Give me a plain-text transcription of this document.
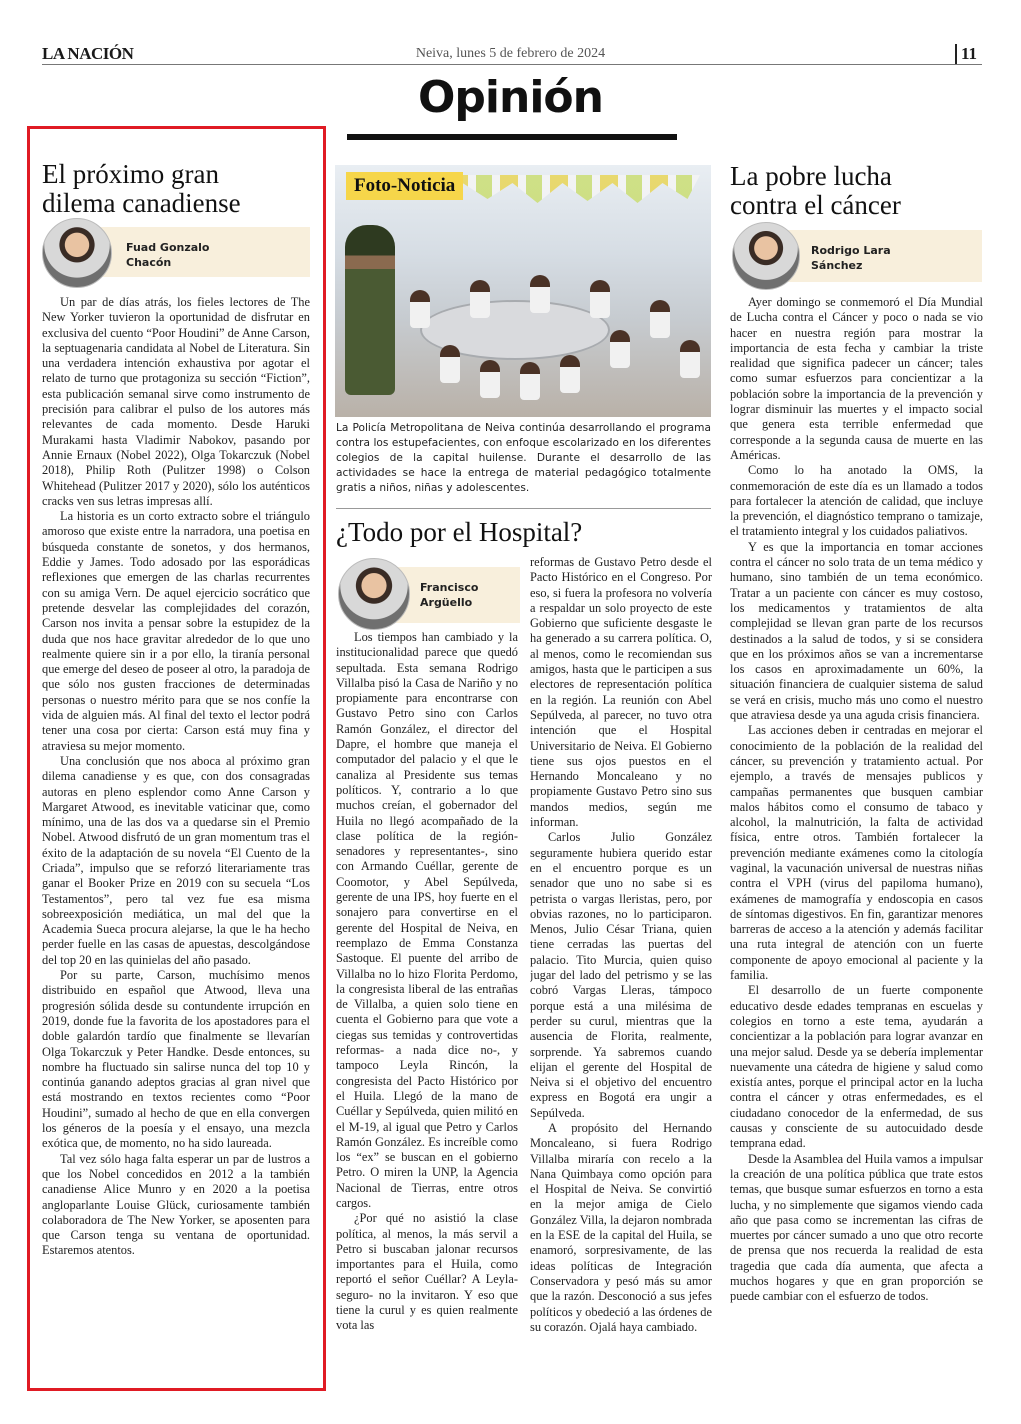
LA NACIÓN	Neiva, lunes 5 de febrero de 2024	11
Opinión
El próximo gran
dilema canadiense
Fuad Gonzalo
Chacón

Un par de días atrás, los fieles lectores de The New Yorker tuvieron la oportunidad de disfrutar en exclusiva del cuento “Poor Houdini” de Anne Carson, la septuagenaria candidata al Nobel de Literatura. Sin una verdadera intención exhaustiva por agotar el relato de turno que protagoniza su sección “Fiction”, esta publicación semanal sirve como instrumento de precisión para calibrar el pulso de los autores más relevantes de cada momento. Desde Haruki Murakami hasta Vladimir Nabokov, pasando por Annie Ernaux (Nobel 2022), Olga Tokarczuk (Nobel 2018), Philip Roth (Pulitzer 1998) o Colson Whitehead (Pulitzer 2017 y 2020), sólo los auténticos cracks ven sus letras impresas allí.

La historia es un corto extracto sobre el triángulo amoroso que existe entre la narradora, una poetisa en búsqueda constante de sonetos, y dos hermanos, Eddie y James. Todo adosado por las esporádicas reflexiones que emergen de las charlas recurrentes con su amiga Vern. De aquel ejercicio socrático que pretende desvelar las complejidades del corazón, Carson nos invita a pensar sobre la estupidez de la duda que nos hace gravitar alrededor de lo que uno realmente quiere sin ir a por ello, la tiranía personal que emerge del deseo de poseer al otro, la paradoja de que sólo nos gusten fracciones de determinadas personas o nuestro mérito para que se nos confíe la vida de alguien más. Al final del texto el lector podrá tener una cosa por cierta: Carson está muy fina y atraviesa su mejor momento.

Una conclusión que nos aboca al próximo gran dilema canadiense y es que, con dos consagradas autoras en pleno esplendor como Anne Carson y Margaret Atwood, es inevitable vaticinar que, como mínimo, una de las dos va a quedarse sin el Premio Nobel. Atwood disfrutó de un gran momentum tras el éxito de la adaptación de su novela “El Cuento de la Criada”, impulso que se reforzó literariamente tras ganar el Booker Prize en 2019 con su secuela “Los Testamentos”, pero tal vez fue esa misma sobreexposición mediática, un mal del que la Academia Sueca procura alejarse, la que le ha hecho perder fuelle en las casas de apuestas, descolgándose del top 20 en las quinielas del año pasado.

Por su parte, Carson, muchísimo menos distribuido en español que Atwood, lleva una progresión sólida desde su contundente irrupción en 2019, donde fue la favorita de los apostadores para el doble galardón tardío que finalmente se llevarían Olga Tokarczuk y Peter Handke. Desde entonces, su nombre ha fluctuado sin salirse nunca del top 10 y continúa ganando adeptos gracias al gran nivel que está mostrando en textos recientes como “Poor Houdini”, sumado al hecho de que en ella convergen los géneros de la poesía y el ensayo, una mezcla exótica que, de momento, no ha sido laureada.

Tal vez sólo haga falta esperar un par de lustros a que los Nobel concedidos en 2012 a la también canadiense Alice Munro y en 2020 a la poetisa angloparlante Louise Glück, curiosamente también colaboradora de The New Yorker, se aposenten para que Carson tenga su ventana de oportunidad. Estaremos atentos.

Foto-Noticia
La Policía Metropolitana de Neiva continúa desarrollando el programa contra los estupefacientes, con enfoque escolarizado en los diferentes colegios de la capital huilense. Durante el desarrollo de las actividades se hace la entrega de material pedagógico totalmente gratis a niños, niñas y adolescentes.
¿Todo por el Hospital?
Francisco
Argüello

Los tiempos han cambiado y la institucionalidad parece que quedó sepultada. Esta semana Rodrigo Villalba pisó la Casa de Nariño y no propiamente para encontrarse con Gustavo Petro sino con Carlos Ramón González, el director del Dapre, el hombre que maneja el computador del palacio y el que le canaliza al Presidente sus temas políticos. Y, contrario a lo que muchos creían, el gobernador del Huila no llegó acompañado de la clase política de la región- senadores y representantes-, sino con Armando Cuéllar, gerente de Coomotor, y Abel Sepúlveda, gerente de una IPS, hoy fuerte en el sonajero para convertirse en el gerente del Hospital de Neiva, en reemplazo de Emma Constanza Sastoque. El puente del arribo de Villalba no lo hizo Florita Perdomo, la congresista liberal de las entrañas de Villalba, a quien solo tiene en cuenta el Gobierno para que vote a ciegas sus temidas y controvertidas reformas- a nada dice no-, y tampoco Leyla Rincón, la congresista del Pacto Histórico por el Huila. Llegó de la mano de Cuéllar y Sepúlveda, quien militó en el M-19, al igual que Petro y Carlos Ramón González. Es increíble como los “ex” se buscan en el gobierno Petro. O miren la UNP, la Agencia Nacional de Tierras, entre otros cargos.

¿Por qué no asistió la clase política, al menos, la más servil a Petro si buscaban jalonar recursos importantes para el Huila, como reportó el señor Cuéllar? A Leyla- seguro- no la invitaron. Y eso que tiene la curul y es quien realmente vota las

reformas de Gustavo Petro desde el Pacto Histórico en el Congreso. Por eso, si fuera la profesora no volvería a respaldar un solo proyecto de este Gobierno que suficiente desgaste le ha generado a su carrera política. O, al menos, como le recomiendan sus amigos, hasta que le participen a sus electores de representación política en la región. La reunión con Abel Sepúlveda, al parecer, no tuvo otra intención que el Hospital Universitario de Neiva. El Gobierno tiene sus ojos puestos en el Hernando Moncaleano y no propiamente Gustavo Petro sino sus mandos medios, según me informan.

Carlos Julio González seguramente hubiera querido estar en el encuentro porque es un senador que uno no sabe si es petrista o vargas lleristas, pero, por obvias razones, no lo participaron. Menos, Julio César Triana, quien tiene cerradas las puertas del palacio. Tito Murcia, quien quiso jugar del lado del petrismo y se las cobró Vargas Lleras, támpoco porque está a una milésima de perder su curul, mientras que la ausencia de Florita, realmente, sorprende. Ya sabremos cuando elijan el gerente del Hospital de Neiva si el objetivo del encuentro express en Bogotá era ungir a Sepúlveda.

A propósito del Hernando Moncaleano, si fuera Rodrigo Villalba miraría con recelo a la Nana Quimbaya como opción para el Hospital de Neiva. Se convirtió en la mejor amiga de Cielo González Villa, la dejaron nombrada en la ESE de la capital del Huila, se enamoró, sorpresivamente, de las ideas políticas de Integración Conservadora y pesó más su amor que la razón. Desconoció a sus jefes políticos y obedeció a las órdenes de su corazón. Ojalá haya cambiado.

La pobre lucha
contra el cáncer
Rodrigo Lara
Sánchez

Ayer domingo se conmemoró el Día Mundial de Lucha contra el Cáncer y poco o nada se vio hacer en nuestra región para mostrar la importancia de esta fecha y cambiar la triste realidad que significa padecer un cáncer; tales como sumar esfuerzos para concientizar a la población sobre la importancia de la prevención y lograr disminuir las muertes y el impacto social que genera esta terrible enfermedad que corresponde a la segunda causa de muerte en las Américas.

Como lo ha anotado la OMS, la conmemoración de este día es un llamado a todos para fortalecer la atención de calidad, que incluye la prevención, el diagnóstico temprano o tamizaje, el tratamiento integral y los cuidados paliativos.

Y es que la importancia en tomar acciones contra el cáncer no solo trata de un tema médico y humano, sino también de un tema económico. Tratar a un paciente con cáncer es muy costoso, los medicamentos y tratamientos de alta complejidad se llevan gran parte de los recursos destinados a la salud de todos, y si se considera que en los próximos años se van a incrementarse los casos en aproximadamente un 60%, la situación financiera de cualquier sistema de salud se verá en crisis, mucho más uno como el nuestro que atraviesa desde ya una aguda crisis financiera.

Las acciones deben ir centradas en mejorar el conocimiento de la población de la realidad del cáncer, su prevención y tratamiento actual. Por ejemplo, a través de mensajes publicos y campañas permanentes que busquen cambiar malos hábitos como el consumo de tabaco y alcohol, la malnutrición, la falta de actividad física, entre otros. También fortalecer la prevención mediante exámenes como la citología vaginal, la vacunación universal de nuestras niñas contra el VPH (virus del papiloma humano), exámenes de mamografía y endoscopia en casos de síntomas digestivos. En fin, garantizar menores barreras de acceso a la atención y además facilitar una ruta integral de atención con un fuerte componente de apoyo emocional al paciente y la familia.

El desarrollo de un fuerte componente educativo desde edades tempranas en escuelas y colegios en torno a este tema, ayudarán a concientizar a la población para lograr avanzar en una mejor salud. Desde ya se debería implementar nuevamente una cátedra de higiene y salud como existía antes, porque el principal actor en la lucha contra el cáncer y otras enfermedades, es el ciudadano conocedor de la enfermedad, de sus causas y consciente de su autocuidado desde temprana edad.

Desde la Asamblea del Huila vamos a impulsar la creación de una política pública que trate estos temas, que busque sumar esfuerzos en torno a esta lucha, y no simplemente que sigamos viendo cada año que pasa como se incrementan las cifras de muertes por cáncer sumado a uno que otro recorte de prensa que nos recuerda la realidad de esta tragedia que cada día aumenta, que afecta a muchos hogares y que en gran proporción se puede cambiar con el esfuerzo de todos.
